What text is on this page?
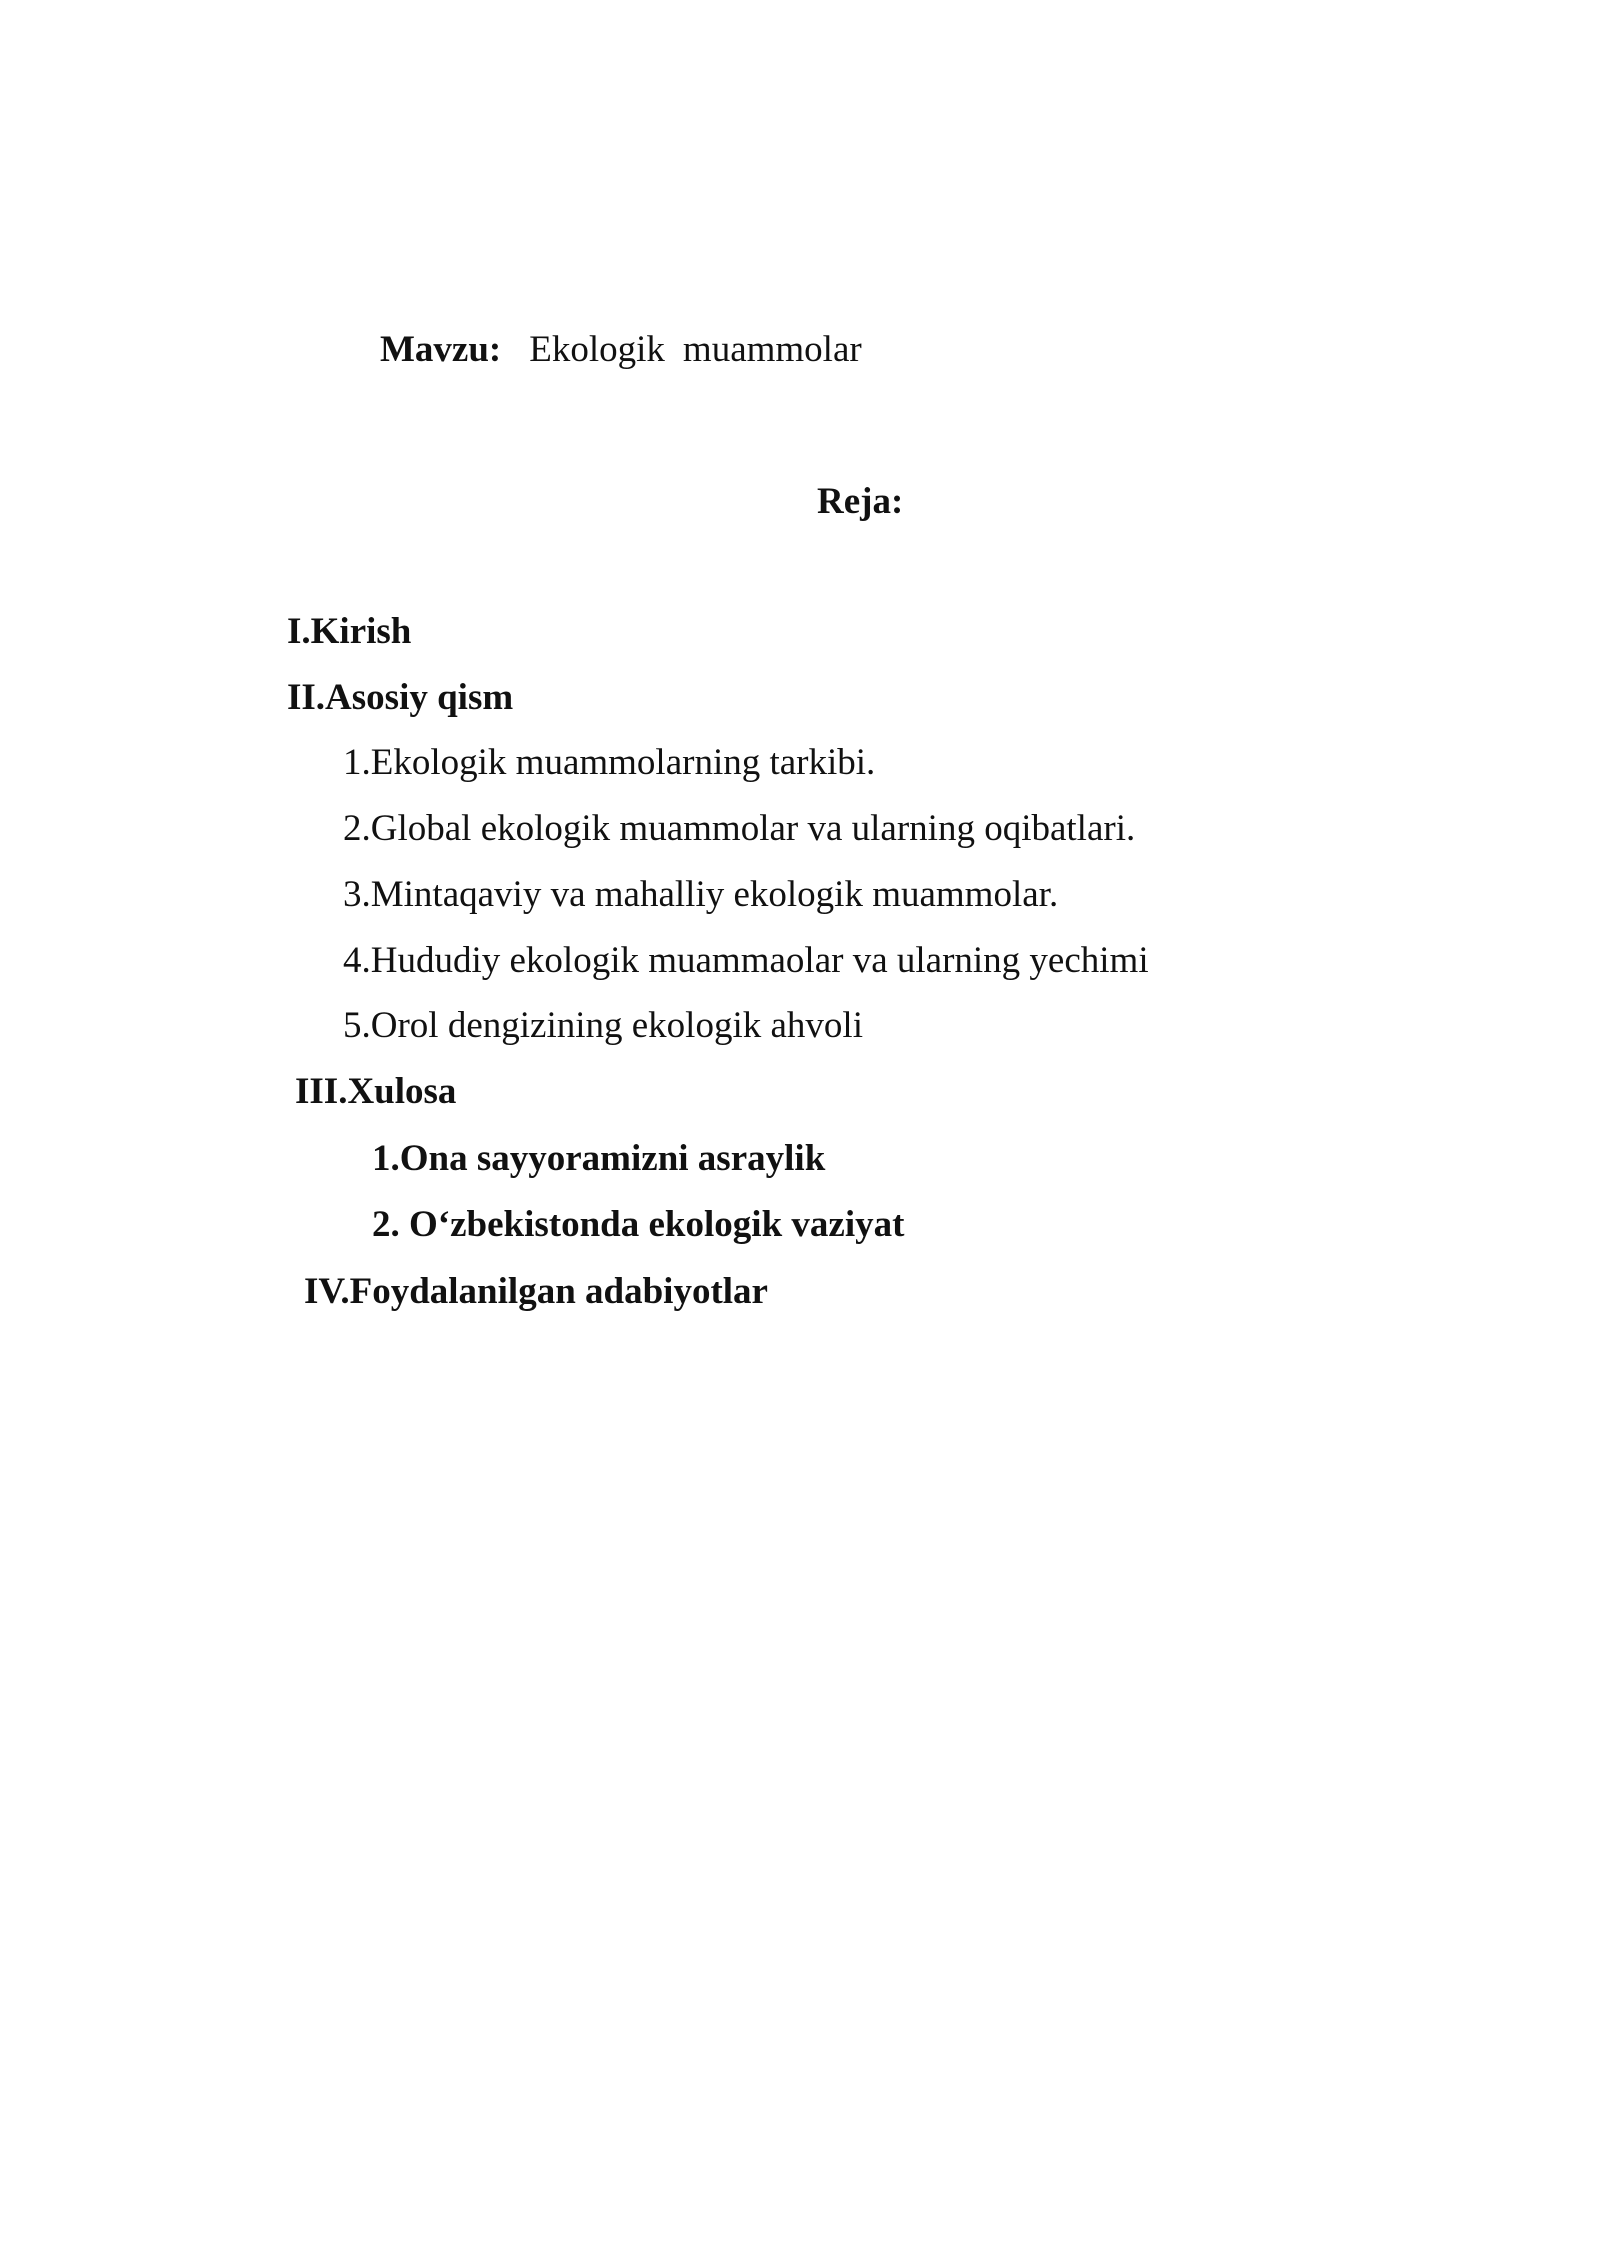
Mavzu: Ekologik muammolar

Reja:
I.Kirish
II.Asosiy qism
1.Ekologik muammolarning tarkibi.
2.Global ekologik muammolar va ularning oqibatlari.
3.Mintaqaviy va mahalliy ekologik muammolar.
4.Hududiy ekologik muammaolar va ularning yechimi
5.Orol dengizining ekologik ahvoli
III.Xulosa
1.Ona sayyoramizni asraylik
2. O‘zbekistonda ekologik vaziyat
IV.Foydalanilgan adabiyotlar
